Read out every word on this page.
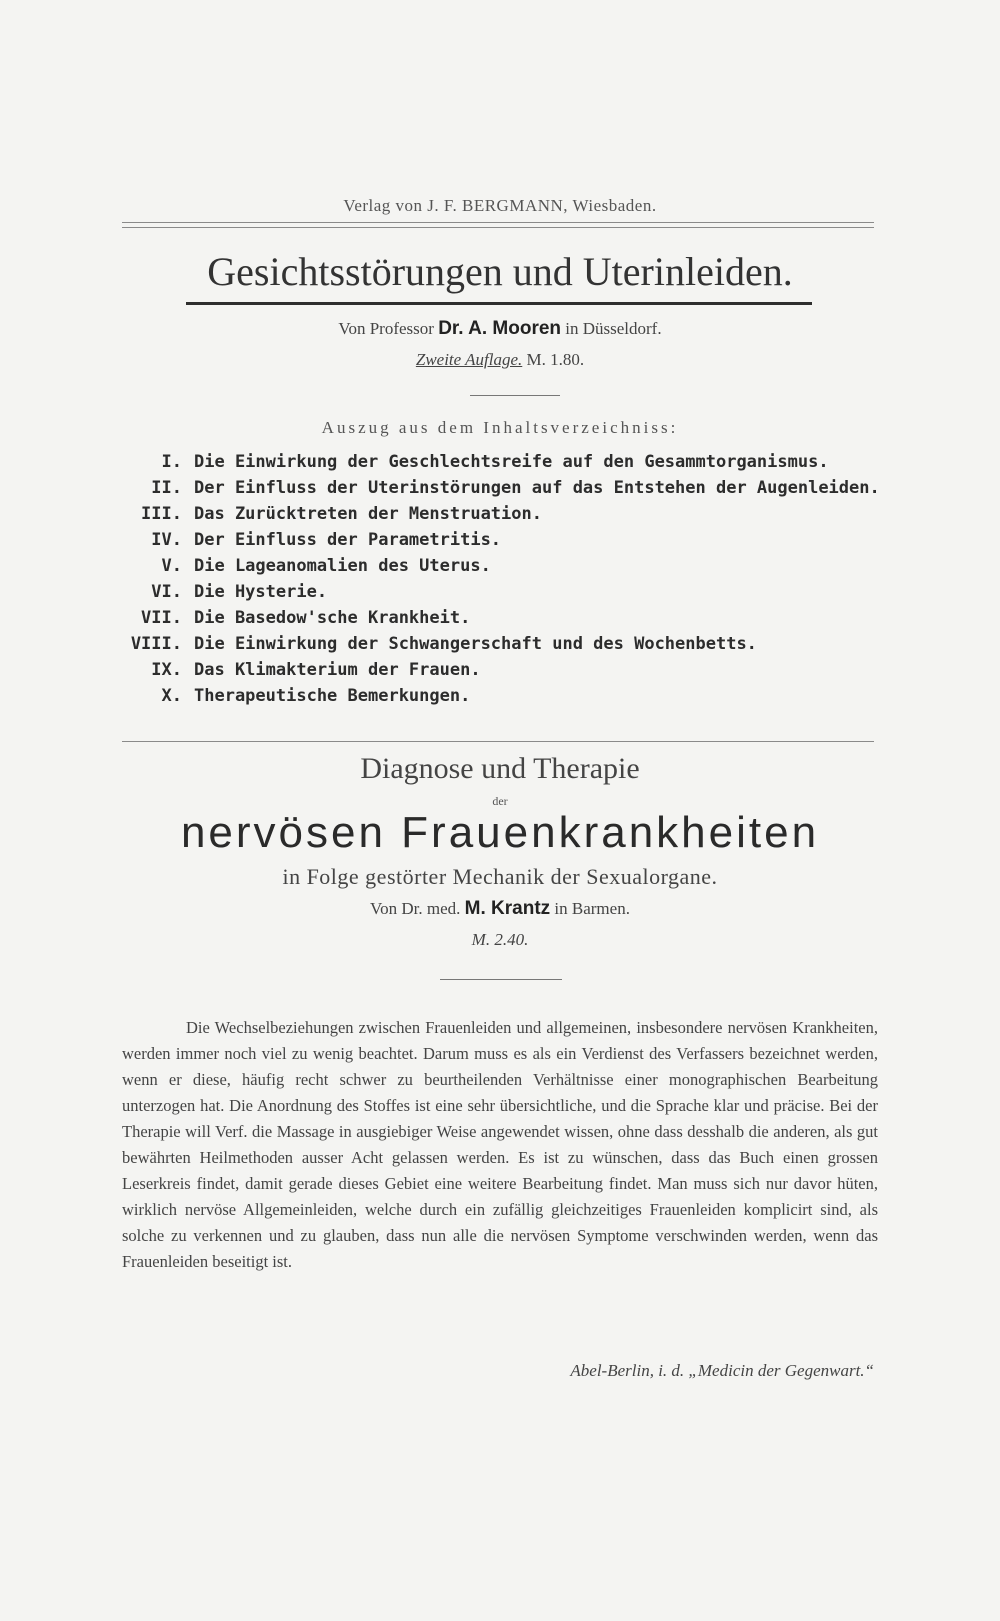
Verlag von J. F. BERGMANN, Wiesbaden.
Gesichtsstörungen und Uterinleiden.
Von Professor Dr. A. Mooren in Düsseldorf.
Zweite Auflage. M. 1.80.
Auszug aus dem Inhaltsverzeichniss:
I. Die Einwirkung der Geschlechtsreife auf den Gesammtorganismus.
II. Der Einfluss der Uterinstörungen auf das Entstehen der Augenleiden.
III. Das Zurücktreten der Menstruation.
IV. Der Einfluss der Parametritis.
V. Die Lageanomalien des Uterus.
VI. Die Hysterie.
VII. Die Basedow'sche Krankheit.
VIII. Die Einwirkung der Schwangerschaft und des Wochenbetts.
IX. Das Klimakterium der Frauen.
X. Therapeutische Bemerkungen.
Diagnose und Therapie
der
nervösen Frauenkrankheiten
in Folge gestörter Mechanik der Sexualorgane.
Von Dr. med. M. Krantz in Barmen.
M. 2.40.
Die Wechselbeziehungen zwischen Frauenleiden und allgemeinen, insbesondere nervösen Krankheiten, werden immer noch viel zu wenig beachtet. Darum muss es als ein Verdienst des Verfassers bezeichnet werden, wenn er diese, häufig recht schwer zu beurtheilenden Verhältnisse einer monographischen Bearbeitung unterzogen hat. Die Anordnung des Stoffes ist eine sehr übersichtliche, und die Sprache klar und präcise. Bei der Therapie will Verf. die Massage in ausgiebiger Weise angewendet wissen, ohne dass desshalb die anderen, als gut bewährten Heilmethoden ausser Acht gelassen werden. Es ist zu wünschen, dass das Buch einen grossen Leserkreis findet, damit gerade dieses Gebiet eine weitere Bearbeitung findet. Man muss sich nur davor hüten, wirklich nervöse Allgemeinleiden, welche durch ein zufällig gleichzeitiges Frauenleiden komplicirt sind, als solche zu verkennen und zu glauben, dass nun alle die nervösen Symptome verschwinden werden, wenn das Frauenleiden beseitigt ist.
Abel-Berlin, i. d. „Medicin der Gegenwart.“
